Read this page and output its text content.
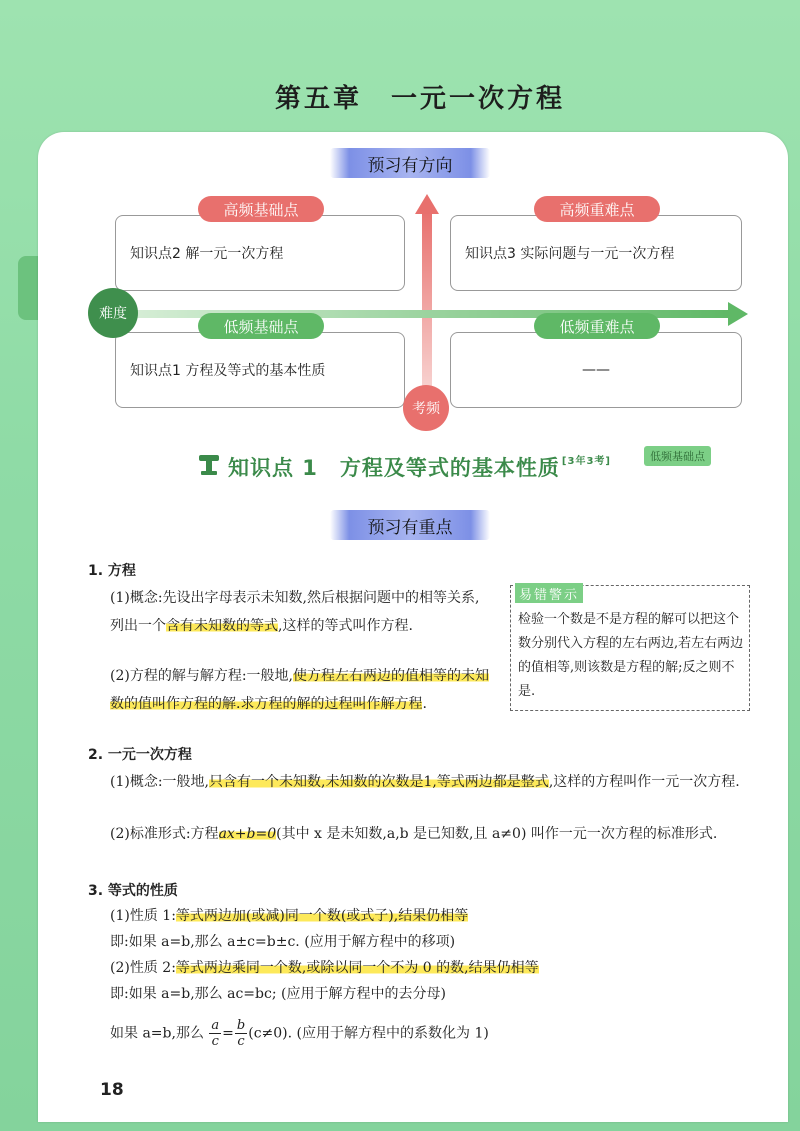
第五章　一元一次方程
预习有方向
知识点2 解一元一次方程
高频基础点
知识点3 实际问题与一元一次方程
高频重难点
知识点1 方程及等式的基本性质
低频基础点
——
低频重难点
难度
考频
知识点 1　方程及等式的基本性质 [3年3考]	低频基础点
预习有重点
易错警示
检验一个数是不是方程的解可以把这个数分别代入方程的左右两边,若左右两边的值相等,则该数是方程的解;反之则不是.
1. 方程
(1)概念:先设出字母表示未知数,然后根据问题中的相等关系,列出一个含有未知数的等式,这样的等式叫作方程.
(2)方程的解与解方程:一般地,使方程左右两边的值相等的未知数的值叫作方程的解.求方程的解的过程叫作解方程.
2. 一元一次方程
(1)概念:一般地,只含有一个未知数,未知数的次数是1,等式两边都是整式,这样的方程叫作一元一次方程.
(2)标准形式:方程ax+b=0(其中 x 是未知数,a,b 是已知数,且 a≠0) 叫作一元一次方程的标准形式.
3. 等式的性质
(1)性质 1:等式两边加(或减)同一个数(或式子),结果仍相等
即:如果 a=b,那么 a±c=b±c. (应用于解方程中的移项)
(2)性质 2:等式两边乘同一个数,或除以同一个不为 0 的数,结果仍相等
即:如果 a=b,那么 ac=bc; (应用于解方程中的去分母)
如果 a=b,那么 $\frac{a}{c} = \frac{b}{c} (c\ne 0)$. (应用于解方程中的系数化为 1)
18
